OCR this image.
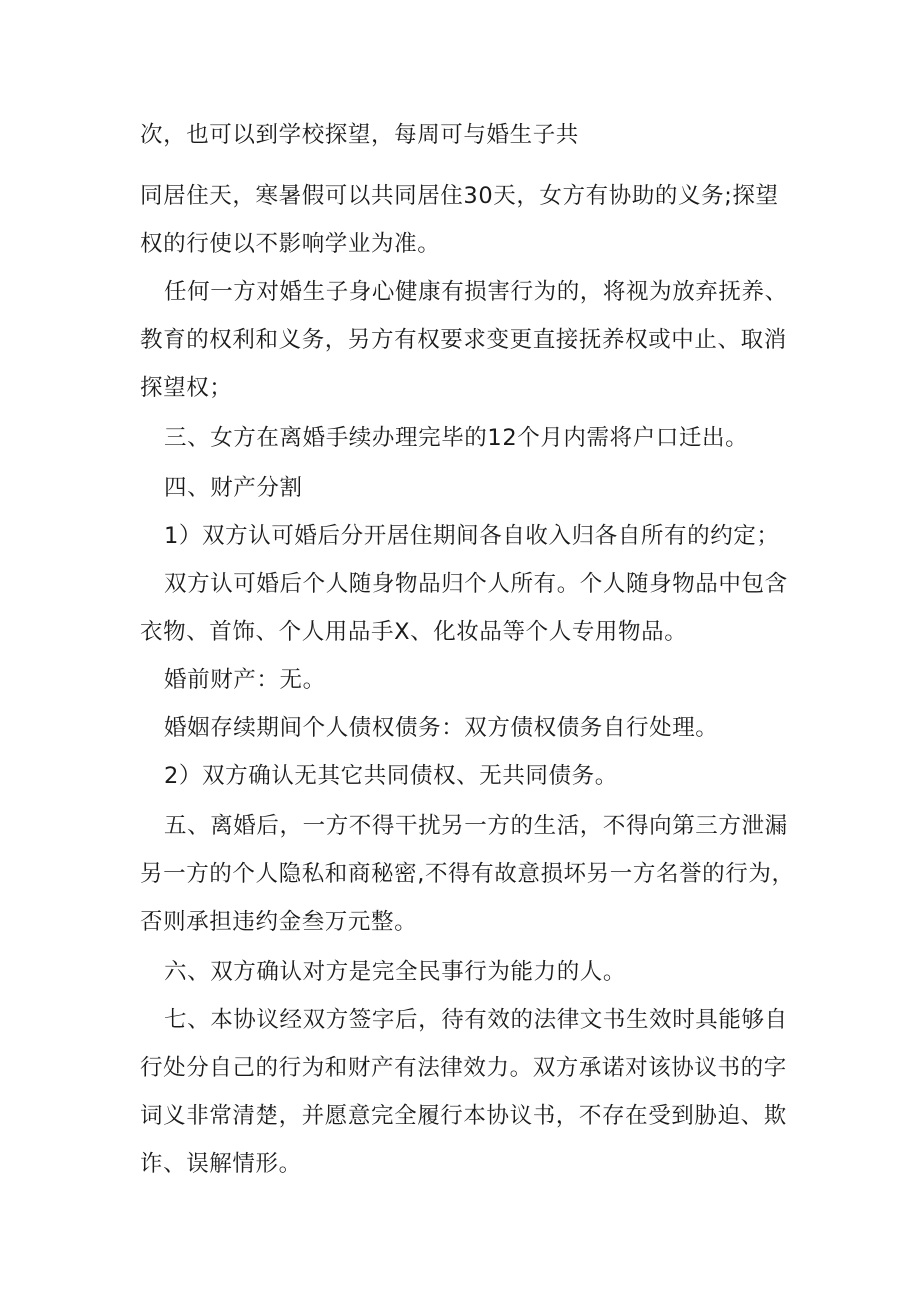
次，也可以到学校探望，每周可与婚生子共
同居住天，寒暑假可以共同居住30天，女方有协助的义务;探望
权的行使以不影响学业为准。
任何一方对婚生子身心健康有损害行为的，将视为放弃抚养、
教育的权利和义务，另方有权要求变更直接抚养权或中止、取消
探望权；
三、女方在离婚手续办理完毕的12个月内需将户口迁出。
四、财产分割
1）双方认可婚后分开居住期间各自收入归各自所有的约定；
双方认可婚后个人随身物品归个人所有。个人随身物品中包含
衣物、首饰、个人用品手X、化妆品等个人专用物品。
婚前财产：无。
婚姻存续期间个人债权债务：双方债权债务自行处理。
2）双方确认无其它共同债权、无共同债务。
五、离婚后，一方不得干扰另一方的生活，不得向第三方泄漏
另一方的个人隐私和商秘密,不得有故意损坏另一方名誉的行为，
否则承担违约金叁万元整。
六、双方确认对方是完全民事行为能力的人。
七、本协议经双方签字后，待有效的法律文书生效时具能够自
行处分自己的行为和财产有法律效力。双方承诺对该协议书的字
词义非常清楚，并愿意完全履行本协议书，不存在受到胁迫、欺
诈、误解情形。
